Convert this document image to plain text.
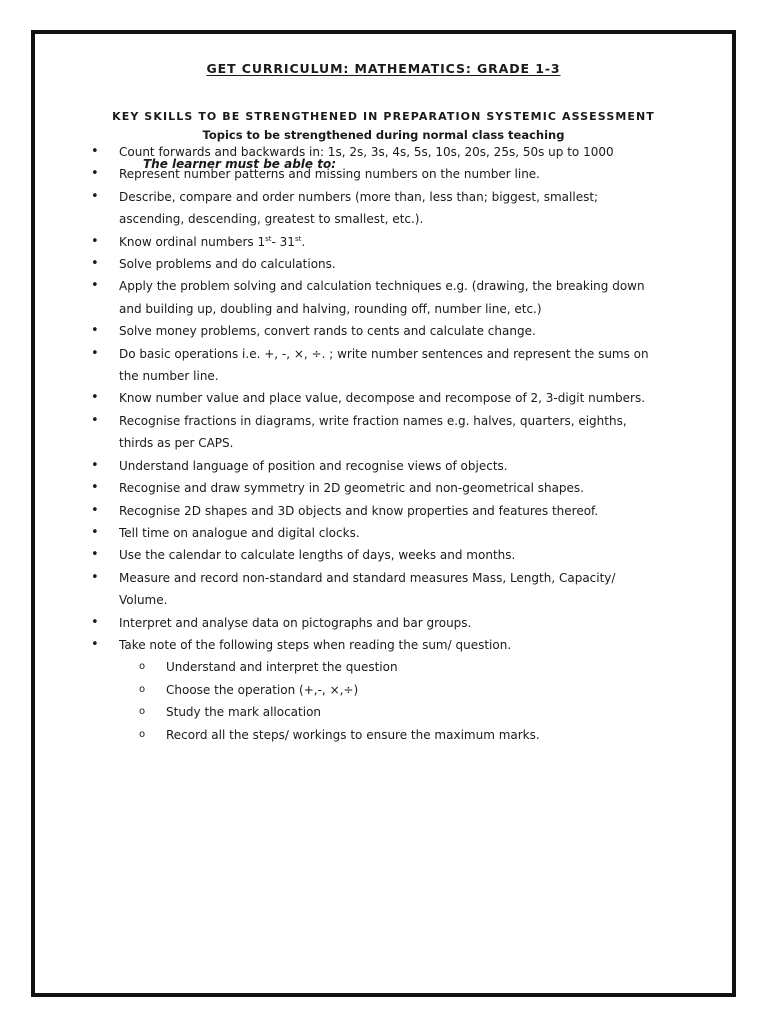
GET CURRICULUM: MATHEMATICS: GRADE 1-3
KEY SKILLS TO BE STRENGTHENED IN PREPARATION SYSTEMIC ASSESSMENT
Topics to be strengthened during normal class teaching
The learner must be able to:
• Count forwards and backwards in: 1s, 2s, 3s, 4s, 5s, 10s, 20s, 25s, 50s up to 1000
• Represent number patterns and missing numbers on the number line.
• Describe, compare and order numbers (more than, less than; biggest, smallest; ascending, descending, greatest to smallest, etc.).
• Know ordinal numbers 1st- 31st.
• Solve problems and do calculations.
• Apply the problem solving and calculation techniques e.g. (drawing, the breaking down and building up, doubling and halving, rounding off, number line, etc.)
• Solve money problems, convert rands to cents and calculate change.
• Do basic operations i.e. +, -, ×, ÷. ; write number sentences and represent the sums on the number line.
• Know number value and place value, decompose and recompose of 2, 3-digit numbers.
• Recognise fractions in diagrams, write fraction names e.g. halves, quarters, eighths, thirds as per CAPS.
• Understand language of position and recognise views of objects.
• Recognise and draw symmetry in 2D geometric and non-geometrical shapes.
• Recognise 2D shapes and 3D objects and know properties and features thereof.
• Tell time on analogue and digital clocks.
• Use the calendar to calculate lengths of days, weeks and months.
• Measure and record non-standard and standard measures Mass, Length, Capacity/ Volume.
• Interpret and analyse data on pictographs and bar groups.
• Take note of the following steps when reading the sum/ question.
o Understand and interpret the question
o Choose the operation (+,-, ×,÷)
o Study the mark allocation
o Record all the steps/ workings to ensure the maximum marks.
